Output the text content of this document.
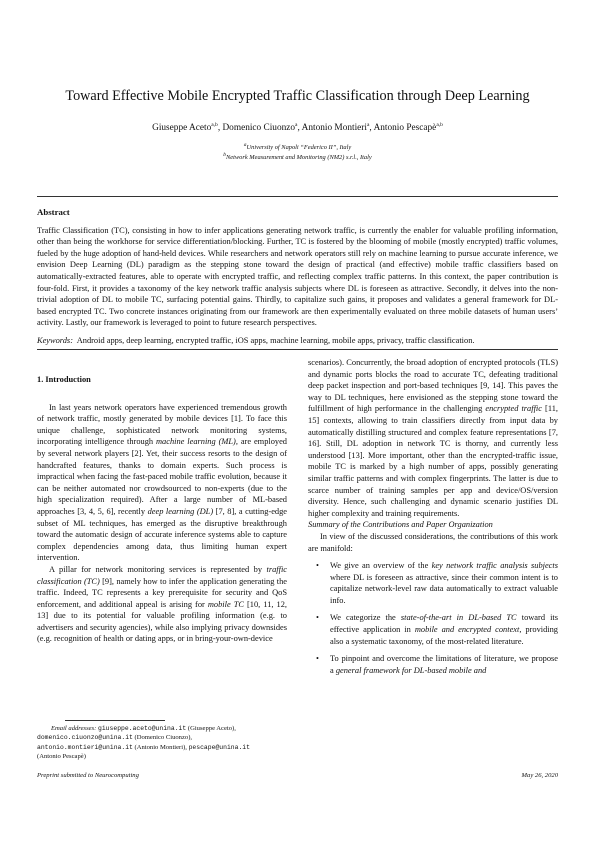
Toward Effective Mobile Encrypted Traffic Classification through Deep Learning
Giuseppe Aceto$^{a,b}$, Domenico Ciuonzo$^a$, Antonio Montieri$^a$, Antonio Pescapè$^{a,b}$
$^a$University of Napoli “Federico II”, Italy
$^b$Network Measurement and Monitoring (NM2) s.r.l., Italy
Abstract
Traffic Classification (TC), consisting in how to infer applications generating network traffic, is currently the enabler for valuable profiling information, other than being the workhorse for service differentiation/blocking. Further, TC is fostered by the blooming of mobile (mostly encrypted) traffic volumes, fueled by the huge adoption of hand-held devices. While researchers and network operators still rely on machine learning to pursue accurate inference, we envision Deep Learning (DL) paradigm as the stepping stone toward the design of practical (and effective) mobile traffic classifiers based on automatically-extracted features, able to operate with encrypted traffic, and reflecting complex traffic patterns. In this context, the paper contribution is four-fold. First, it provides a taxonomy of the key network traffic analysis subjects where DL is foreseen as attractive. Secondly, it delves into the non-trivial adoption of DL to mobile TC, surfacing potential gains. Thirdly, to capitalize such gains, it proposes and validates a general framework for DL-based encrypted TC. Two concrete instances originating from our framework are then experimentally evaluated on three mobile datasets of human users’ activity. Lastly, our framework is leveraged to point to future research perspectives.
Keywords: Android apps, deep learning, encrypted traffic, iOS apps, machine learning, mobile apps, privacy, traffic classification.
1. Introduction

In last years network operators have experienced tremendous growth of network traffic, mostly generated by mobile devices [1]. To face this unique challenge, sophisticated network monitoring systems, incorporating intelligence through machine learning (ML), are employed by several network players [2]. Yet, their success resorts to the design of handcrafted features, thanks to domain experts. Such process is impractical when facing the fast-paced mobile traffic evolution, because it can be neither automated nor crowdsourced to non-experts (due to the high specialization required). After a large number of ML-based approaches [3, 4, 5, 6], recently deep learning (DL) [7, 8], a cutting-edge subset of ML techniques, has emerged as the disruptive breakthrough toward the automatic design of accurate inference systems able to capture complex dependencies among data, thus limiting human expert intervention.

A pillar for network monitoring services is represented by traffic classification (TC) [9], namely how to infer the application generating the traffic. Indeed, TC represents a key prerequisite for security and QoS enforcement, and additional appeal is arising for mobile TC [10, 11, 12, 13] due to its potential for valuable profiling information (e.g. to advertisers and security agencies), while also implying privacy downsides (e.g. recognition of health or dating apps, or in bring-your-own-device

scenarios). Concurrently, the broad adoption of encrypted protocols (TLS) and dynamic ports blocks the road to accurate TC, defeating traditional deep packet inspection and port-based techniques [9, 14]. This paves the way to DL techniques, here envisioned as the stepping stone toward the fulfillment of high performance in the challenging encrypted traffic [11, 15] contexts, allowing to train classifiers directly from input data by automatically distilling structured and complex feature representations [7, 16]. Still, DL adoption in network TC is thorny, and currently less understood [13]. More important, other than the encrypted-traffic issue, mobile TC is marked by a high number of apps, possibly generating similar traffic patterns and with complex fingerprints. The latter is due to scarce number of training samples per app and device/OS/version diversity. Hence, such challenging and dynamic scenario justifies DL higher complexity and training requirements.

Summary of the Contributions and Paper Organization

In view of the discussed considerations, the contributions of this work are manifold:

• We give an overview of the key network traffic analysis subjects where DL is foreseen as attractive, since their common intent is to capitalize network-level raw data automatically to extract valuable info.
• We categorize the state-of-the-art in DL-based TC toward its effective application in mobile and encrypted context, providing also a systematic taxonomy, of the most-related literature.
• To pinpoint and overcome the limitations of literature, we propose a general framework for DL-based mobile and
Email addresses: giuseppe.aceto@unina.it (Giuseppe Aceto),
domenico.ciuonzo@unina.it (Domenico Ciuonzo),
antonio.montieri@unina.it (Antonio Montieri), pescape@unina.it
(Antonio Pescapè)
Preprint submitted to Neurocomputing	May 26, 2020
